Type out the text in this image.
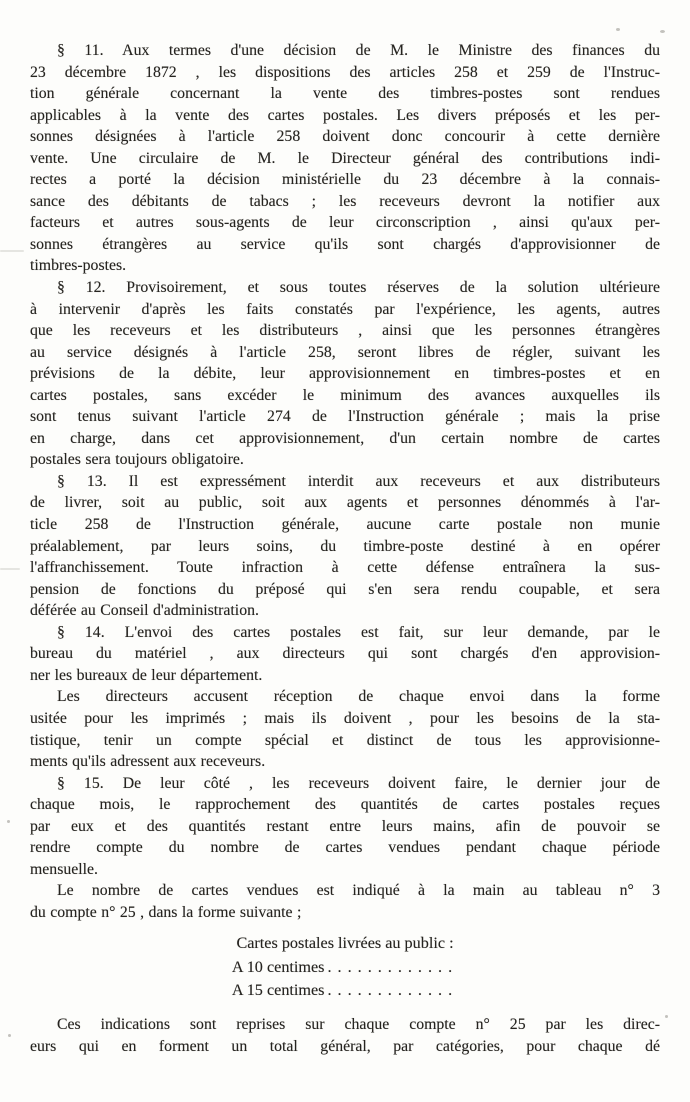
§ 11. Aux termes d'une décision de M. le Ministre des finances du
23 décembre 1872 , les dispositions des articles 258 et 259 de l'Instruc-
tion générale concernant la vente des timbres-postes sont rendues
applicables à la vente des cartes postales. Les divers préposés et les per-
sonnes désignées à l'article 258 doivent donc concourir à cette dernière
vente. Une circulaire de M. le Directeur général des contributions indi-
rectes a porté la décision ministérielle du 23 décembre à la connais-
sance des débitants de tabacs ; les receveurs devront la notifier aux
facteurs et autres sous-agents de leur circonscription , ainsi qu'aux per-
sonnes étrangères au service qu'ils sont chargés d'approvisionner de
timbres-postes.
§ 12. Provisoirement, et sous toutes réserves de la solution ultérieure
à intervenir d'après les faits constatés par l'expérience, les agents, autres
que les receveurs et les distributeurs , ainsi que les personnes étrangères
au service désignés à l'article 258, seront libres de régler, suivant les
prévisions de la débite, leur approvisionnement en timbres-postes et en
cartes postales, sans excéder le minimum des avances auxquelles ils
sont tenus suivant l'article 274 de l'Instruction générale ; mais la prise
en charge, dans cet approvisionnement, d'un certain nombre de cartes
postales sera toujours obligatoire.
§ 13. Il est expressément interdit aux receveurs et aux distributeurs
de livrer, soit au public, soit aux agents et personnes dénommés à l'ar-
ticle 258 de l'Instruction générale, aucune carte postale non munie
préalablement, par leurs soins, du timbre-poste destiné à en opérer
l'affranchissement. Toute infraction à cette défense entraînera la sus-
pension de fonctions du préposé qui s'en sera rendu coupable, et sera
déférée au Conseil d'administration.
§ 14. L'envoi des cartes postales est fait, sur leur demande, par le
bureau du matériel , aux directeurs qui sont chargés d'en approvision-
ner les bureaux de leur département.
Les directeurs accusent réception de chaque envoi dans la forme
usitée pour les imprimés ; mais ils doivent , pour les besoins de la sta-
tistique, tenir un compte spécial et distinct de tous les approvisionne-
ments qu'ils adressent aux receveurs.
§ 15. De leur côté , les receveurs doivent faire, le dernier jour de
chaque mois, le rapprochement des quantités de cartes postales reçues
par eux et des quantités restant entre leurs mains, afin de pouvoir se
rendre compte du nombre de cartes vendues pendant chaque période
mensuelle.
Le nombre de cartes vendues est indiqué à la main au tableau n° 3
du compte n° 25 , dans la forme suivante ;
Cartes postales livrées au public :
A 10 centimes .............
A 15 centimes .............
Ces indications sont reprises sur chaque compte n° 25 par les direc-
eurs qui en forment un total général, par catégories, pour chaque dé
